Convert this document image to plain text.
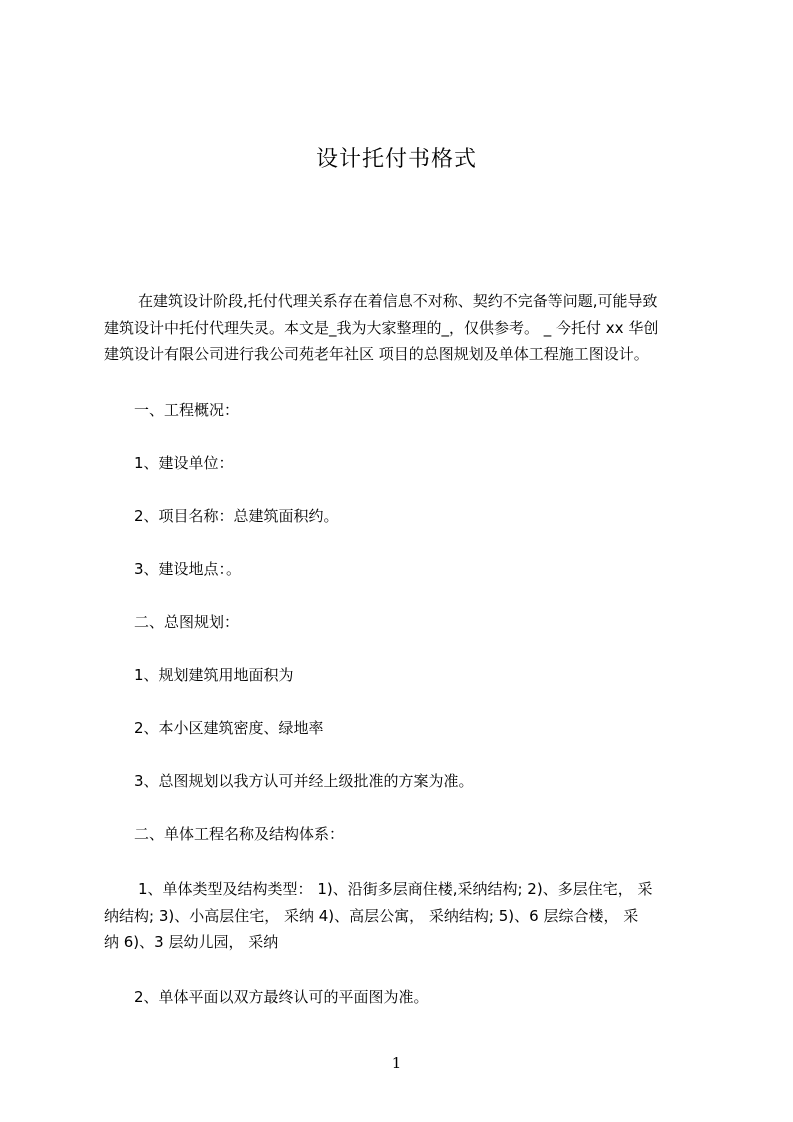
设计托付书格式
在建筑设计阶段,托付代理关系存在着信息不对称、契约不完备等问题,可能导致
建筑设计中托付代理失灵。本文是_我为大家整理的_，仅供参考。 _ 今托付 xx 华创
建筑设计有限公司进行我公司苑老年社区 项目的总图规划及单体工程施工图设计。

一、工程概况：

1、建设单位：

2、项目名称：总建筑面积约。

3、建设地点：。

二、总图规划：

1、规划建筑用地面积为

2、本小区建筑密度、绿地率

3、总图规划以我方认可并经上级批准的方案为准。

二、单体工程名称及结构体系：

1、单体类型及结构类型： 1)、沿街多层商住楼,采纳结构; 2)、多层住宅， 采
纳结构; 3)、小高层住宅， 采纳 4)、高层公寓， 采纳结构; 5)、6 层综合楼， 采
纳 6)、3 层幼儿园， 采纳

2、单体平面以双方最终认可的平面图为准。

1
